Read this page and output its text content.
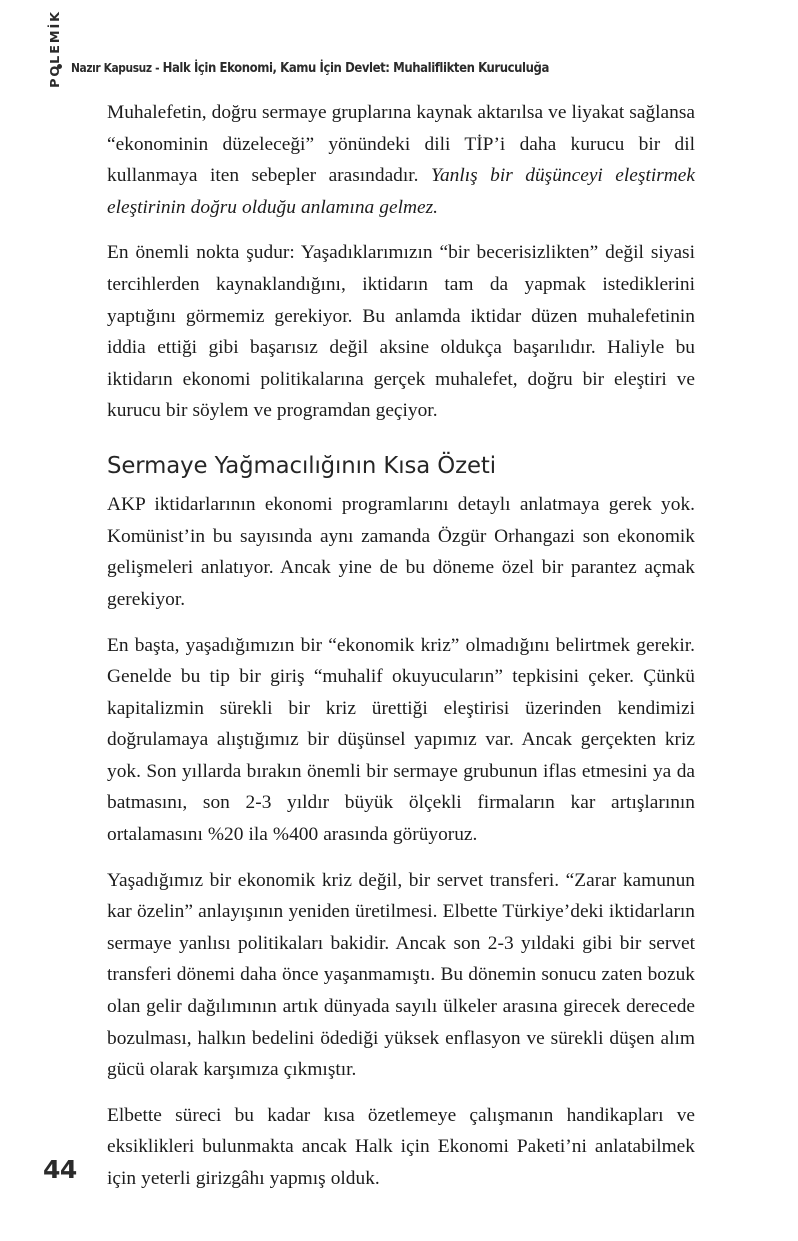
Nazır Kapusuz - Halk İçin Ekonomi, Kamu İçin Devlet: Muhaliflikten Kuruculuğa
POLEMİK

Muhalefetin, doğru sermaye gruplarına kaynak aktarılsa ve liyakat sağlansa “ekonominin düzeleceği” yönündeki dili TİP’i daha kurucu bir dil kullanmaya iten sebepler arasındadır. Yanlış bir düşünceyi eleştirmek eleştirinin doğru olduğu anlamına gelmez.

En önemli nokta şudur: Yaşadıklarımızın “bir becerisizlikten” değil siyasi tercihlerden kaynaklandığını, iktidarın tam da yapmak istediklerini yaptığını görmemiz gerekiyor. Bu anlamda iktidar düzen muhalefetinin iddia ettiği gibi başarısız değil aksine oldukça başarılıdır. Haliyle bu iktidarın ekonomi politikalarına gerçek muhalefet, doğru bir eleştiri ve kurucu bir söylem ve programdan geçiyor.

Sermaye Yağmacılığının Kısa Özeti

AKP iktidarlarının ekonomi programlarını detaylı anlatmaya gerek yok. Komünist’in bu sayısında aynı zamanda Özgür Orhangazi son ekonomik gelişmeleri anlatıyor. Ancak yine de bu döneme özel bir parantez açmak gerekiyor.

En başta, yaşadığımızın bir “ekonomik kriz” olmadığını belirtmek gerekir. Genelde bu tip bir giriş “muhalif okuyucuların” tepkisini çeker. Çünkü kapitalizmin sürekli bir kriz ürettiği eleştirisi üzerinden kendimizi doğrulamaya alıştığımız bir düşünsel yapımız var. Ancak gerçekten kriz yok. Son yıllarda bırakın önemli bir sermaye grubunun iflas etmesini ya da batmasını, son 2-3 yıldır büyük ölçekli firmaların kar artışlarının ortalamasını %20 ila %400 arasında görüyoruz.

Yaşadığımız bir ekonomik kriz değil, bir servet transferi. “Zarar kamunun kar özelin” anlayışının yeniden üretilmesi. Elbette Türkiye’deki iktidarların sermaye yanlısı politikaları bakidir. Ancak son 2-3 yıldaki gibi bir servet transferi dönemi daha önce yaşanmamıştı. Bu dönemin sonucu zaten bozuk olan gelir dağılımının artık dünyada sayılı ülkeler arasına girecek derecede bozulması, halkın bedelini ödediği yüksek enflasyon ve sürekli düşen alım gücü olarak karşımıza çıkmıştır.

Elbette süreci bu kadar kısa özetlemeye çalışmanın handikapları ve eksiklikleri bulunmakta ancak Halk için Ekonomi Paketi’ni anlatabilmek için yeterli girizgâhı yapmış olduk.

44
